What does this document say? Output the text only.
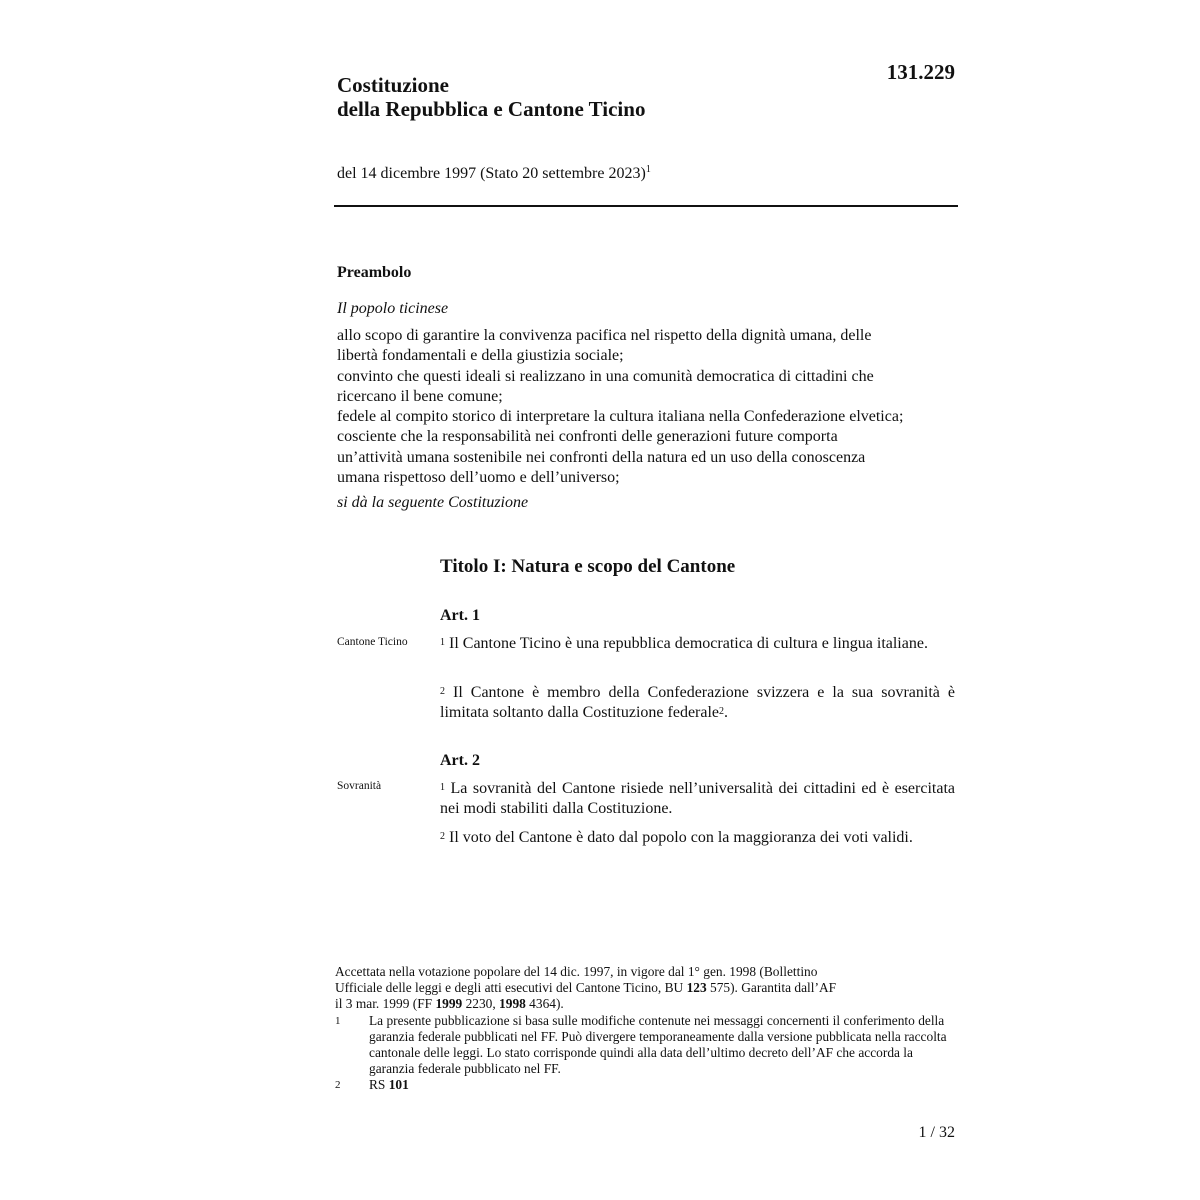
Costituzione
della Repubblica e Cantone Ticino
131.229
del 14 dicembre 1997 (Stato 20 settembre 2023)$^1$
Preambolo
Il popolo ticinese
allo scopo di garantire la convivenza pacifica nel rispetto della dignità umana, delle
libertà fondamentali e della giustizia sociale;
convinto che questi ideali si realizzano in una comunità democratica di cittadini che
ricercano il bene comune;
fedele al compito storico di interpretare la cultura italiana nella Confederazione elvetica;
cosciente che la responsabilità nei confronti delle generazioni future comporta
un’attività umana sostenibile nei confronti della natura ed un uso della conoscenza
umana rispettoso dell’uomo e dell’universo;
si dà la seguente Costituzione
Titolo I: Natura e scopo del Cantone
Art. 1
Cantone Ticino	$^1$ Il Cantone Ticino è una repubblica democratica di cultura e lingua italiane.
$^2$ Il Cantone è membro della Confederazione svizzera e la sua sovranità è limitata soltanto dalla Costituzione federale$^2$.
Art. 2
Sovranità	$^1$ La sovranità del Cantone risiede nell’universalità dei cittadini ed è esercitata nei modi stabiliti dalla Costituzione.
$^2$ Il voto del Cantone è dato dal popolo con la maggioranza dei voti validi.
Accettata nella votazione popolare del 14 dic. 1997, in vigore dal 1° gen. 1998 (Bollettino
Ufficiale delle leggi e degli atti esecutivi del Cantone Ticino, BU 123 575). Garantita dall’AF
il 3 mar. 1999 (FF 1999 2230, 1998 4364).
1	La presente pubblicazione si basa sulle modifiche contenute nei messaggi concernenti il conferimento della garanzia federale pubblicati nel FF. Può divergere temporaneamente dalla versione pubblicata nella raccolta cantonale delle leggi. Lo stato corrisponde quindi alla data dell’ultimo decreto dell’AF che accorda la garanzia federale pubblicato nel FF.
2	RS 101
1 / 32
